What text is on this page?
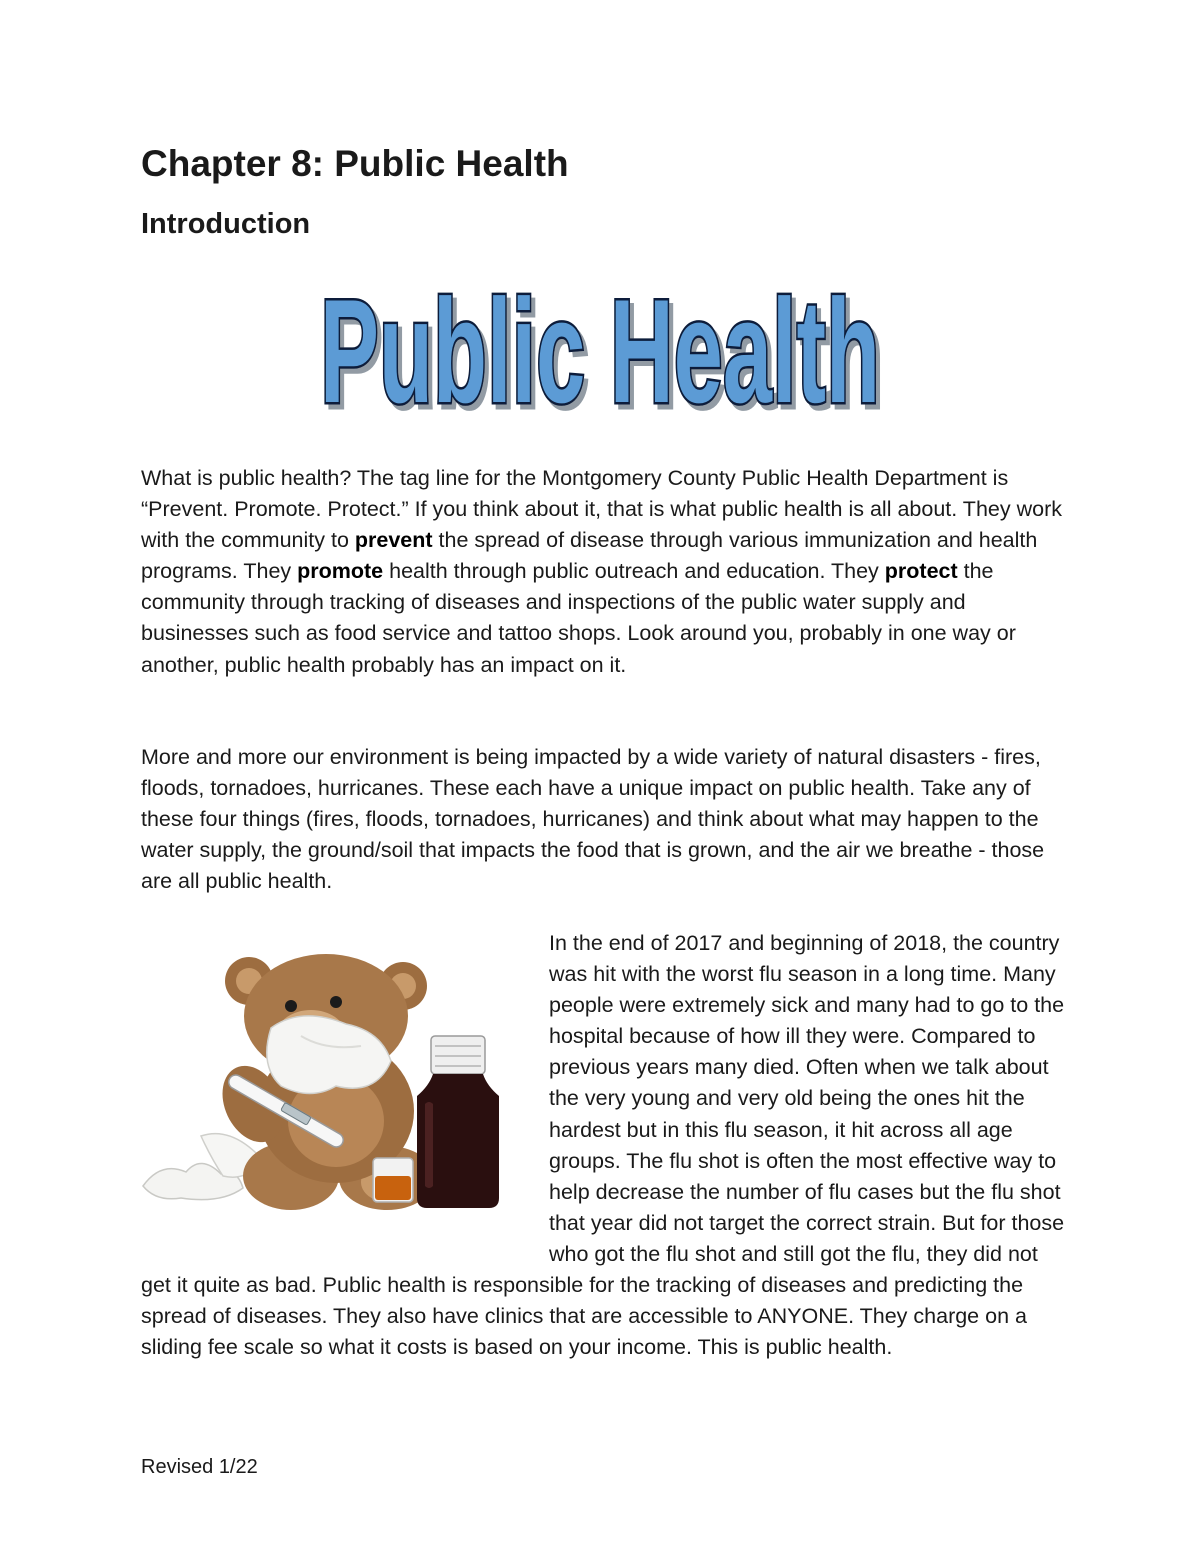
Chapter 8: Public Health
Introduction
Public Health

What is public health? The tag line for the Montgomery County Public Health Department is “Prevent. Promote. Protect.” If you think about it, that is what public health is all about. They work with the community to prevent the spread of disease through various immunization and health programs. They promote health through public outreach and education. They protect the community through tracking of diseases and inspections of the public water supply and businesses such as food service and tattoo shops. Look around you, probably in one way or another, public health probably has an impact on it.

More and more our environment is being impacted by a wide variety of natural disasters - fires, floods, tornadoes, hurricanes. These each have a unique impact on public health. Take any of these four things (fires, floods, tornadoes, hurricanes) and think about what may happen to the water supply, the ground/soil that impacts the food that is grown, and the air we breathe - those are all public health.

In the end of 2017 and beginning of 2018, the country was hit with the worst flu season in a long time. Many people were extremely sick and many had to go to the hospital because of how ill they were. Compared to previous years many died. Often when we talk about the very young and very old being the ones hit the hardest but in this flu season, it hit across all age groups. The flu shot is often the most effective way to help decrease the number of flu cases but the flu shot that year did not target the correct strain. But for those who got the flu shot and still got the flu, they did not get it quite as bad. Public health is responsible for the tracking of diseases and predicting the spread of diseases. They also have clinics that are accessible to ANYONE. They charge on a sliding fee scale so what it costs is based on your income. This is public health.

Revised 1/22
